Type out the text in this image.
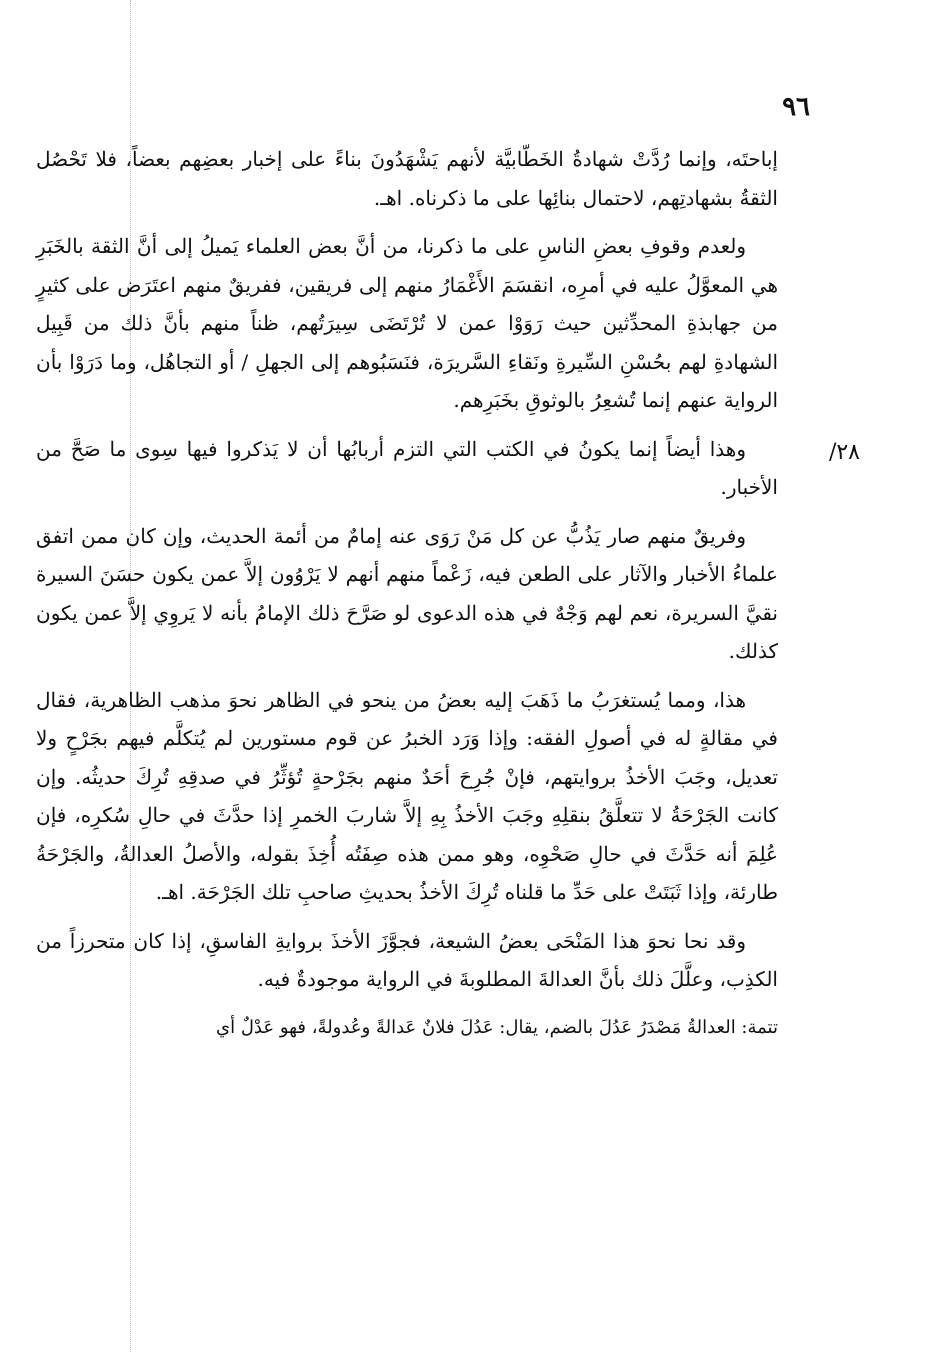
٩٦
٢٨/

إباحتَه، وإنما رُدَّتْ شهادةُ الخَطّابيَّة لأنهم يَشْهَدُونَ بناءً على إخبار بعضِهم بعضاً، فلا تَحْصُل الثقةُ بشهادتِهم، لاحتمال بنائِها على ما ذكرناه. اهـ.

ولعدم وقوفِ بعضِ الناسِ على ما ذكرنا، من أنَّ بعض العلماء يَميلُ إلى أنَّ الثقة بالخَبَرِ هي المعوَّلُ عليه في أمرِه، انقسَمَ الأَغْمَارُ منهم إلى فريقين، ففريقٌ منهم اعتَرَض على كثيرٍ من جهابذةِ المحدِّثين حيث رَوَوْا عمن لا تُرْتَضَى سِيرَتُهم، ظناً منهم بأنَّ ذلك من قَبِيل الشهادةِ لهم بحُسْنِ السِّيرةِ ونَقاءِ السَّريرَة، فنَسَبُوهم إلى الجهلِ / أو التجاهُل، وما دَرَوْا بأن الرواية عنهم إنما تُشعِرُ بالوثوقِ بخَبَرِهم.

وهذا أيضاً إنما يكونُ في الكتب التي التزم أربابُها أن لا يَذكروا فيها سِوى ما صَحَّ من الأخبار.

وفريقٌ منهم صار يَذُبُّ عن كل مَنْ رَوَى عنه إمامٌ من أئمة الحديث، وإن كان ممن اتفق علماءُ الأخبار والآثار على الطعن فيه، زَعْماً منهم أنهم لا يَرْوُون إلاَّ عمن يكون حسَنَ السيرة نقيَّ السريرة، نعم لهم وَجْهٌ في هذه الدعوى لو صَرَّحَ ذلك الإمامُ بأنه لا يَروِي إلاَّ عمن يكون كذلك.

هذا، ومما يُستغرَبُ ما ذَهَبَ إليه بعضُ من ينحو في الظاهر نحوَ مذهب الظاهرية، فقال في مقالةٍ له في أصولِ الفقه: وإذا وَرَد الخبرُ عن قوم مستورين لم يُتكلَّم فيهم بجَرْحٍ ولا تعديل، وجَبَ الأخذُ بروايتهم، فإنْ جُرِحَ أحَدٌ منهم بجَرْحةٍ تُؤثِّرُ في صدقِهِ تُرِكَ حديثُه. وإن كانت الجَرْحَةُ لا تتعلَّقُ بنقلِهِ وجَبَ الأخذُ بِهِ إلاَّ شاربَ الخمرِ إذا حدَّثَ في حالِ سُكرِه، فإن عُلِمَ أنه حَدَّثَ في حالِ صَحْوِه، وهو ممن هذه صِفَتُه أُخِذَ بقوله، والأصلُ العدالةُ، والجَرْحَةُ طارئة، وإذا ثَبَتَتْ على حَدِّ ما قلناه تُرِكَ الأخذُ بحديثِ صاحبِ تلك الجَرْحَة. اهـ.

وقد نحا نحوَ هذا المَنْحَى بعضُ الشيعة، فجوَّزَ الأخذَ بروايةِ الفاسقِ، إذا كان متحرزاً من الكذِب، وعلَّلَ ذلك بأنَّ العدالةَ المطلوبةَ في الرواية موجودةٌ فيه.

تتمة: العدالةُ مَصْدَرُ عَدُلَ بالضم، يقال: عَدُلَ فلانٌ عَدالةً وعُدولةً، فهو عَدْلٌ أي
